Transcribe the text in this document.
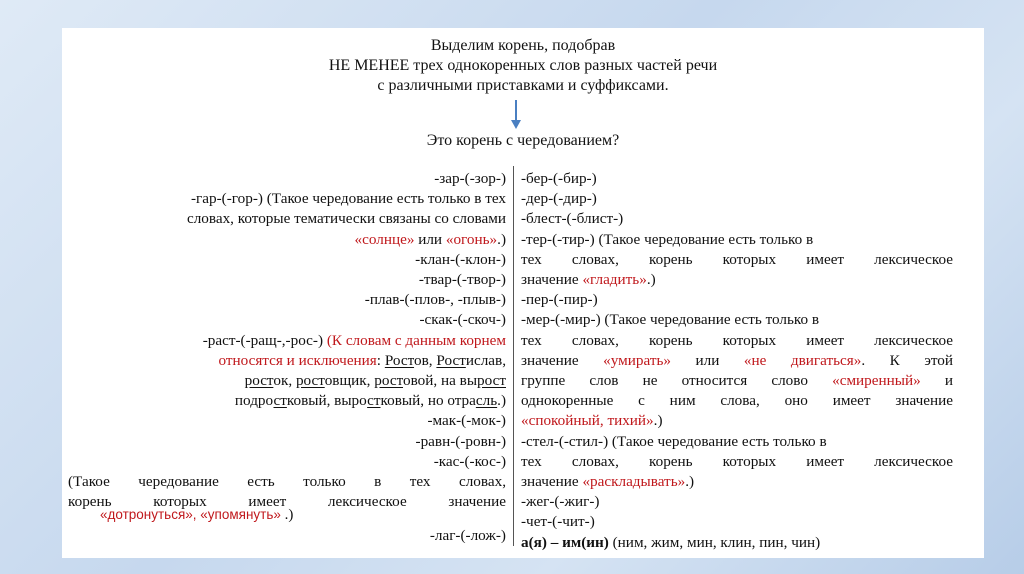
Выделим корень, подобрав
НЕ МЕНЕЕ трех однокоренных слов разных частей речи
с различными приставками и суффиксами.
Это корень с чередованием?
-зар-(-зор-)
-гар-(-гор-) (Такое чередование есть только в тех
словах, которые тематически связаны со словами
«солнце» или «огонь».)
-клан-(-клон-)
-твар-(-твор-)
-плав-(-плов-, -плыв-)
-скак-(-скоч-)
-раст-(-ращ-,-рос-) (К словам с данным корнем
относятся и исключения: Ростов, Ростислав,
росток, ростовщик, ростовой, на вырост
подростковый, выростковый, но отрасль.)
-мак-(-мок-)
-равн-(-ровн-)
-кас-(-кос-)
(Такое чередование есть только в тех словах,
корень которых имеет лексическое значение
«дотронуться», «упомянуть» .)
-лаг-(-лож-)
-бер-(-бир-)
-дер-(-дир-)
-блест-(-блист-)
-тер-(-тир-) (Такое чередование есть только в
тех словах, корень которых имеет лексическое
значение «гладить».)
-пер-(-пир-)
-мер-(-мир-) (Такое чередование есть только в
тех словах, корень которых имеет лексическое
значение «умирать» или «не двигаться». К этой
группе слов не относится слово «смиренный» и
однокоренные с ним слова, оно имеет значение
«спокойный, тихий».)
-стел-(-стил-) (Такое чередование есть только в
тех словах, корень которых имеет лексическое
значение «раскладывать».)
-жег-(-жиг-)
-чет-(-чит-)
а(я) – им(ин) (ним, жим, мин, клин, пин, чин)
